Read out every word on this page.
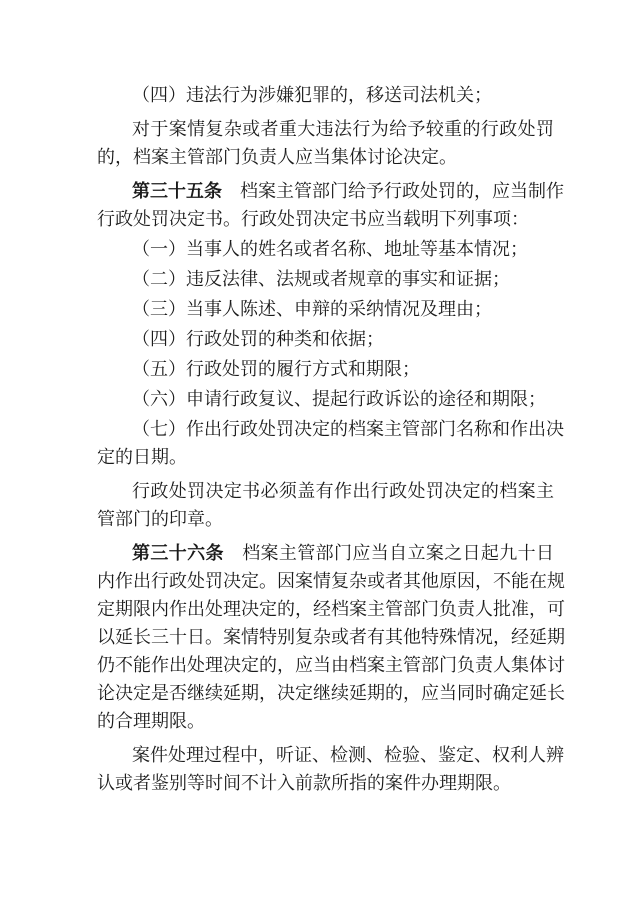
（四）违法行为涉嫌犯罪的，移送司法机关；
对于案情复杂或者重大违法行为给予较重的行政处罚
的，档案主管部门负责人应当集体讨论决定。
第三十五条 档案主管部门给予行政处罚的，应当制作
行政处罚决定书。行政处罚决定书应当载明下列事项：
（一）当事人的姓名或者名称、地址等基本情况；
（二）违反法律、法规或者规章的事实和证据；
（三）当事人陈述、申辩的采纳情况及理由；
（四）行政处罚的种类和依据；
（五）行政处罚的履行方式和期限；
（六）申请行政复议、提起行政诉讼的途径和期限；
（七）作出行政处罚决定的档案主管部门名称和作出决
定的日期。
行政处罚决定书必须盖有作出行政处罚决定的档案主
管部门的印章。
第三十六条 档案主管部门应当自立案之日起九十日
内作出行政处罚决定。因案情复杂或者其他原因，不能在规
定期限内作出处理决定的，经档案主管部门负责人批准，可
以延长三十日。案情特别复杂或者有其他特殊情况，经延期
仍不能作出处理决定的，应当由档案主管部门负责人集体讨
论决定是否继续延期，决定继续延期的，应当同时确定延长
的合理期限。
案件处理过程中，听证、检测、检验、鉴定、权利人辨
认或者鉴别等时间不计入前款所指的案件办理期限。
